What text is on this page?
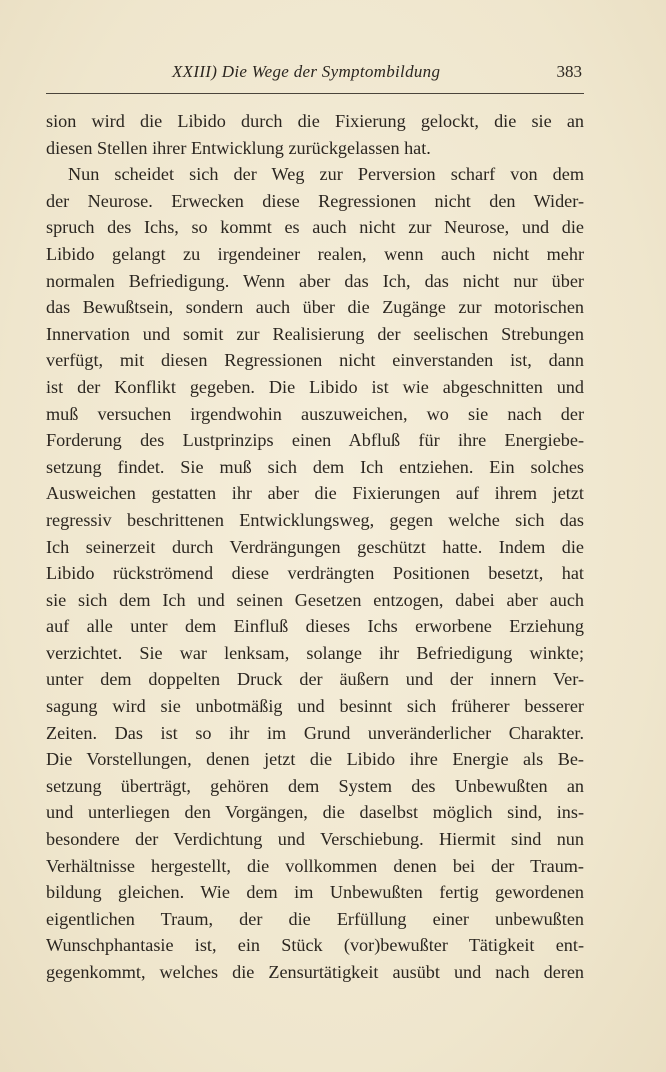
XXIII) Die Wege der Symptombildung	383
sion wird die Libido durch die Fixierung gelockt, die sie an
diesen Stellen ihrer Entwicklung zurückgelassen hat.
Nun scheidet sich der Weg zur Perversion scharf von dem
der Neurose. Erwecken diese Regressionen nicht den Wider-
spruch des Ichs, so kommt es auch nicht zur Neurose, und die
Libido gelangt zu irgendeiner realen, wenn auch nicht mehr
normalen Befriedigung. Wenn aber das Ich, das nicht nur über
das Bewußtsein, sondern auch über die Zugänge zur motorischen
Innervation und somit zur Realisierung der seelischen Strebungen
verfügt, mit diesen Regressionen nicht einverstanden ist, dann
ist der Konflikt gegeben. Die Libido ist wie abgeschnitten und
muß versuchen irgendwohin auszuweichen, wo sie nach der
Forderung des Lustprinzips einen Abfluß für ihre Energiebe-
setzung findet. Sie muß sich dem Ich entziehen. Ein solches
Ausweichen gestatten ihr aber die Fixierungen auf ihrem jetzt
regressiv beschrittenen Entwicklungsweg, gegen welche sich das
Ich seinerzeit durch Verdrängungen geschützt hatte. Indem die
Libido rückströmend diese verdrängten Positionen besetzt, hat
sie sich dem Ich und seinen Gesetzen entzogen, dabei aber auch
auf alle unter dem Einfluß dieses Ichs erworbene Erziehung
verzichtet. Sie war lenksam, solange ihr Befriedigung winkte;
unter dem doppelten Druck der äußern und der innern Ver-
sagung wird sie unbotmäßig und besinnt sich früherer besserer
Zeiten. Das ist so ihr im Grund unveränderlicher Charakter.
Die Vorstellungen, denen jetzt die Libido ihre Energie als Be-
setzung überträgt, gehören dem System des Unbewußten an
und unterliegen den Vorgängen, die daselbst möglich sind, ins-
besondere der Verdichtung und Verschiebung. Hiermit sind nun
Verhältnisse hergestellt, die vollkommen denen bei der Traum-
bildung gleichen. Wie dem im Unbewußten fertig gewordenen
eigentlichen Traum, der die Erfüllung einer unbewußten
Wunschphantasie ist, ein Stück (vor)bewußter Tätigkeit ent-
gegenkommt, welches die Zensurtätigkeit ausübt und nach deren
